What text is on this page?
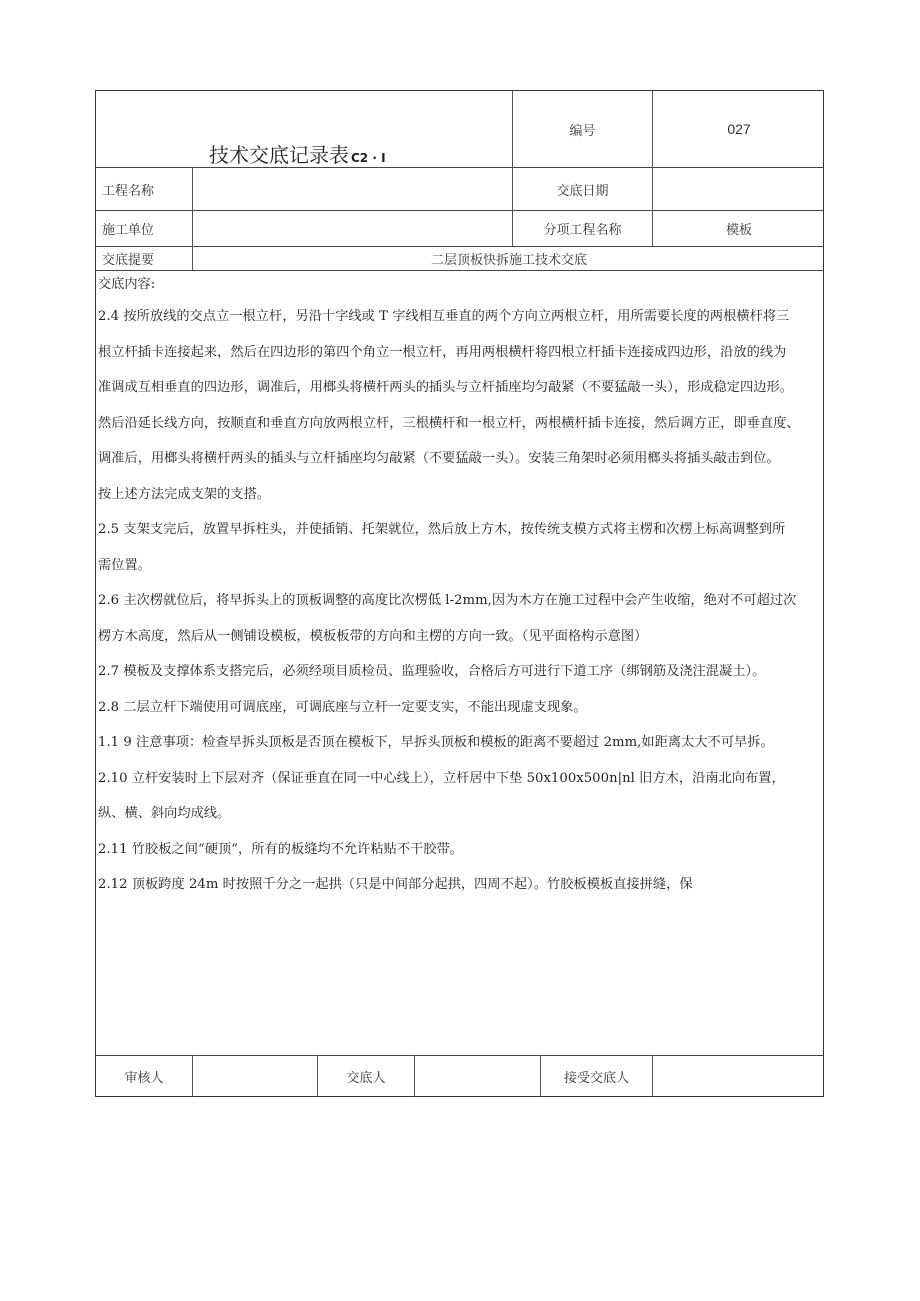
技术交底记录表 C2 · I
编号	027
工程名称	交底日期
施工单位	分项工程名称	模板
交底提要	二层顶板快拆施工技术交底
交底内容:

2.4 按所放线的交点立一根立杆，另沿十字线或 T 字线相互垂直的两个方向立两根立杆，用所需要长度的两根横杆将三

根立杆插卡连接起来，然后在四边形的第四个角立一根立杆，再用两根横杆将四根立杆插卡连接成四边形，沿放的线为

准调成互相垂直的四边形，调准后，用榔头将横杆两头的插头与立杆插座均匀敲紧（不要猛敲一头），形成稳定四边形。

然后沿延长线方向，按顺直和垂直方向放两根立杆，三根横杆和一根立杆，两根横杆插卡连接，然后调方正，即垂直度、

调准后，用榔头将横杆两头的插头与立杆插座均匀敲紧（不要猛敲一头）。安装三角架时必须用榔头将插头敲击到位。

按上述方法完成支架的支搭。

2.5 支架支完后，放置早拆柱头，并使插销、托架就位，然后放上方木，按传统支模方式将主楞和次楞上标高调整到所

需位置。

2.6 主次楞就位后，将早拆头上的顶板调整的高度比次楞低 l-2mm,因为木方在施工过程中会产生收缩，绝对不可超过次

楞方木高度，然后从一侧铺设模板，模板板带的方向和主楞的方向一致。（见平面格构示意图）

2.7 模板及支撑体系支搭完后，必须经项目质检员、监理验收，合格后方可进行下道工序（绑钢筋及浇注混凝土）。

2.8 二层立杆下端使用可调底座，可调底座与立杆一定要支实，不能出现虚支现象。

1.1 9 注意事项：检查早拆头顶板是否顶在模板下，早拆头顶板和模板的距离不要超过 2mm,如距离太大不可早拆。

2.10 立杆安装时上下层对齐（保证垂直在同一中心线上），立杆居中下垫 50x100x500n|nl 旧方木，沿南北向布置，

纵、横、斜向均成线。

2.11 竹胶板之间“硬顶”，所有的板缝均不允许粘贴不干胶带。

2.12 顶板跨度 24m 时按照千分之一起拱（只是中间部分起拱，四周不起）。竹胶板模板直接拼缝，保

审核人	交底人	接受交底人
